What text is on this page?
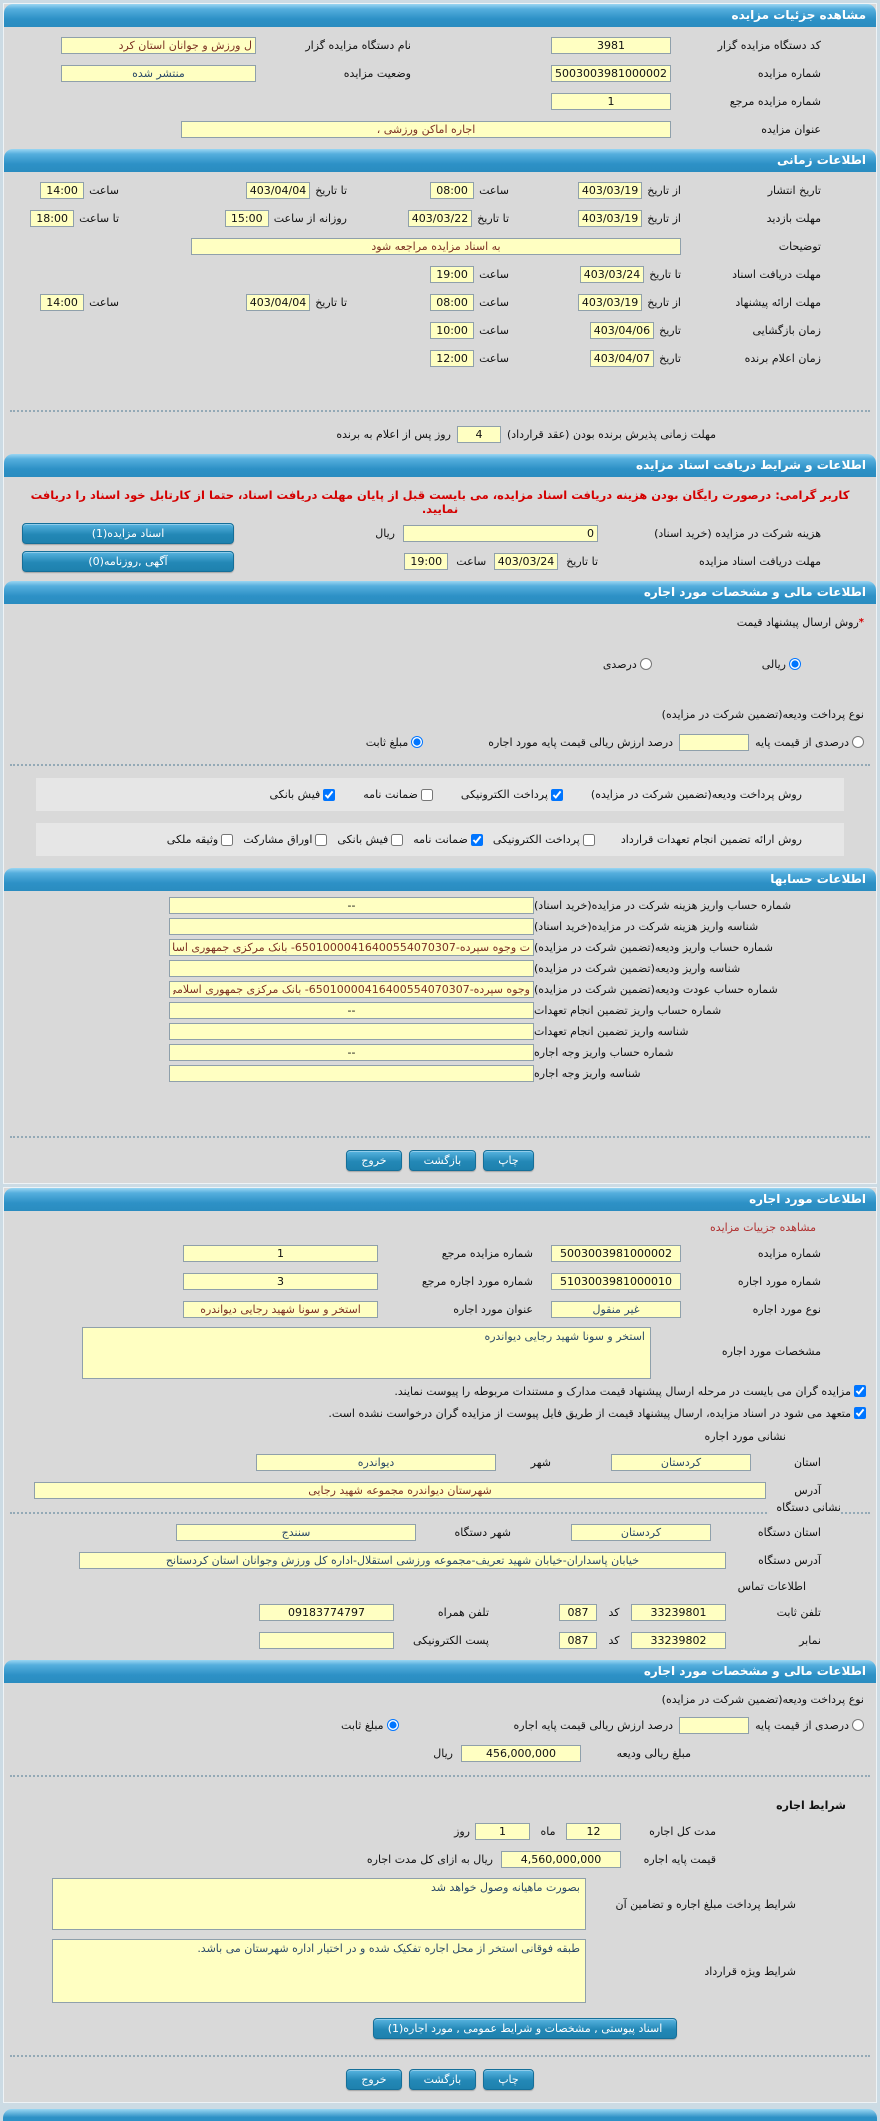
مشاهده جزئیات مزایده
کد دستگاه مزایده گزار
3981
نام دستگاه مزایده گزار
ل ورزش و جوانان استان کرد
شماره مزایده
5003003981000002
وضعیت مزایده
منتشر شده
شماره مزایده مرجع
1
عنوان مزایده
اجاره اماکن ورزشی ،
اطلاعات زمانی
تاریخ انتشار
از تاریخ
1403/03/19
ساعت
08:00
تا تاریخ
1403/04/04
ساعت
14:00
مهلت بازدید
از تاریخ
1403/03/19
تا تاریخ
1403/03/22
روزانه از ساعت
15:00
تا ساعت
18:00
توضیحات
به اسناد مزایده مراجعه شود
مهلت دریافت اسناد
تا تاریخ
1403/03/24
ساعت
19:00
مهلت ارائه پیشنهاد
از تاریخ
1403/03/19
ساعت
08:00
تا تاریخ
1403/04/04
ساعت
14:00
زمان بازگشایی
تاریخ
1403/04/06
ساعت
10:00
زمان اعلام برنده
تاریخ
1403/04/07
ساعت
12:00
مهلت زمانی پذیرش برنده بودن (عقد قرارداد)
4
روز پس از اعلام به برنده
اطلاعات و شرایط دریافت اسناد مزایده
کاربر گرامی: درصورت رایگان بودن هزینه دریافت اسناد مزایده، می بایست قبل از پایان مهلت دریافت اسناد، حتما از کارتابل خود اسناد را دریافت نمایید.
هزینه شرکت در مزایده (خرید اسناد)
0
ریال
اسناد مزایده(1)
مهلت دریافت اسناد مزایده
تا تاریخ
1403/03/24
ساعت
19:00
آگهی ,روزنامه(0)
اطلاعات مالی و مشخصات مورد اجاره
*
روش ارسال پیشنهاد قیمت
ریالی
درصدی
نوع پرداخت ودیعه(تضمین شرکت در مزایده)
درصدی از قیمت پایه
درصد ارزش ریالی قیمت پایه مورد اجاره
مبلغ ثابت
روش پرداخت ودیعه(تضمین شرکت در مزایده)
پرداخت الکترونیکی
ضمانت نامه
فیش بانکی
روش ارائه تضمین انجام تعهدات قرارداد
پرداخت الکترونیکی
ضمانت نامه
فیش بانکی
اوراق مشارکت
وثیقه ملکی
اطلاعات حسابها
شماره حساب واریز هزینه شرکت در مزایده(خرید اسناد)
--
شناسه واریز هزینه شرکت در مزایده(خرید اسناد)
شماره حساب واریز ودیعه(تضمین شرکت در مزایده)
ت وجوه سپرده-65010000416400554070307- بانک مرکزی جمهوری اسلامی , ایران شعبه م
شناسه واریز ودیعه(تضمین شرکت در مزایده)
شماره حساب عودت ودیعه(تضمین شرکت در مزایده)
وجوه سپرده-65010000416400554070307- بانک مرکزی جمهوری اسلامی , ایران شعبه مرک
شماره حساب واریز تضمین انجام تعهدات
--
شناسه واریز تضمین انجام تعهدات
شماره حساب واریز وجه اجاره
--
شناسه واریز وجه اجاره
چاپ
بازگشت
خروج
اطلاعات مورد اجاره
مشاهده جزییات مزایده
شماره مزایده
5003003981000002
شماره مزایده مرجع
1
شماره مورد اجاره
5103003981000010
شماره مورد اجاره مرجع
3
نوع مورد اجاره
غیر منقول
عنوان مورد اجاره
استخر و سونا شهید رجایی دیواندره
مشخصات مورد اجاره
استخر و سونا شهید رجایی دیواندره
مزایده گران می بایست در مرحله ارسال پیشنهاد قیمت مدارک و مستندات مربوطه را پیوست نمایند.
متعهد می شود در اسناد مزایده، ارسال پیشنهاد قیمت از طریق فایل پیوست از مزایده گران درخواست نشده است.
نشانی مورد اجاره
استان
کردستان
شهر
دیواندره
آدرس
شهرستان دیواندره مجموعه شهید رجایی
نشانی دستگاه
استان دستگاه
کردستان
شهر دستگاه
سنندج
آدرس دستگاه
خیابان پاسداران-خیابان شهید تعریف-مجموعه ورزشی استقلال-اداره کل ورزش وجوانان استان کردستانح
اطلاعات تماس
تلفن ثابت
33239801
کد
087
تلفن همراه
09183774797
نمابر
33239802
کد
087
پست الکترونیکی
اطلاعات مالی و مشخصات مورد اجاره
نوع پرداخت ودیعه(تضمین شرکت در مزایده)
درصدی از قیمت پایه
درصد ارزش ریالی قیمت پایه اجاره
مبلغ ثابت
مبلغ ریالی ودیعه
456,000,000
ریال
شرایط اجاره
مدت کل اجاره
12
ماه
1
روز
قیمت پایه اجاره
4,560,000,000
ریال به ازای کل مدت اجاره
شرایط پرداخت مبلغ اجاره و تضامین آن
بصورت ماهیانه وصول خواهد شد
شرایط ویژه قرارداد
طبقه فوقانی استخر از محل اجاره تفکیک شده و در اختیار اداره شهرستان می باشد.
اسناد پیوستی , مشخصات و شرایط عمومی , مورد اجاره(1)
چاپ
بازگشت
خروج
